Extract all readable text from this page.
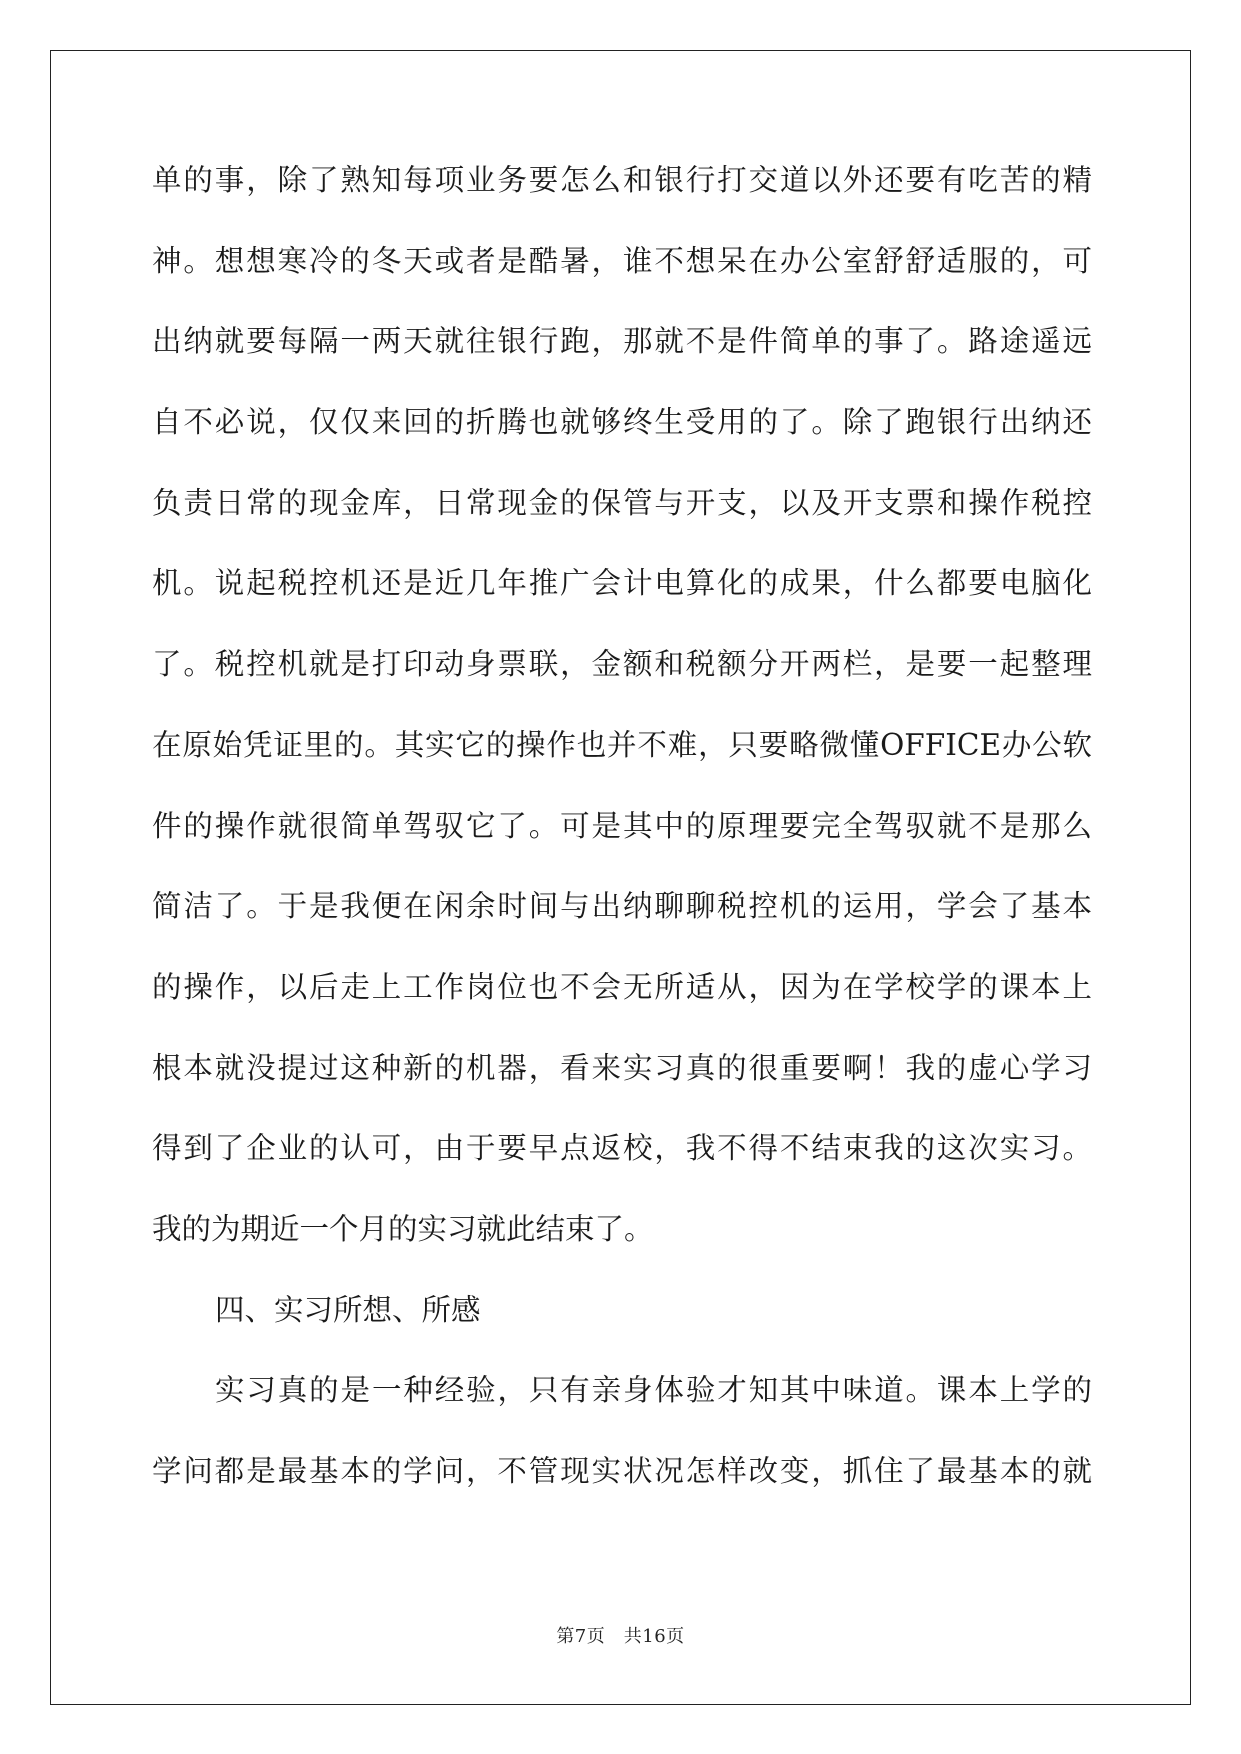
单的事，除了熟知每项业务要怎么和银行打交道以外还要有吃苦的精

神。想想寒冷的冬天或者是酷暑，谁不想呆在办公室舒舒适服的，可

出纳就要每隔一两天就往银行跑，那就不是件简单的事了。路途遥远

自不必说，仅仅来回的折腾也就够终生受用的了。除了跑银行出纳还

负责日常的现金库，日常现金的保管与开支，以及开支票和操作税控

机。说起税控机还是近几年推广会计电算化的成果，什么都要电脑化

了。税控机就是打印动身票联，金额和税额分开两栏，是要一起整理

在原始凭证里的。其实它的操作也并不难，只要略微懂OFFICE办公软

件的操作就很简单驾驭它了。可是其中的原理要完全驾驭就不是那么

简洁了。于是我便在闲余时间与出纳聊聊税控机的运用，学会了基本

的操作，以后走上工作岗位也不会无所适从，因为在学校学的课本上

根本就没提过这种新的机器，看来实习真的很重要啊！我的虚心学习

得到了企业的认可，由于要早点返校，我不得不结束我的这次实习。

我的为期近一个月的实习就此结束了。

四、实习所想、所感

实习真的是一种经验，只有亲身体验才知其中味道。课本上学的

学问都是最基本的学问，不管现实状况怎样改变，抓住了最基本的就

第7页　共16页
